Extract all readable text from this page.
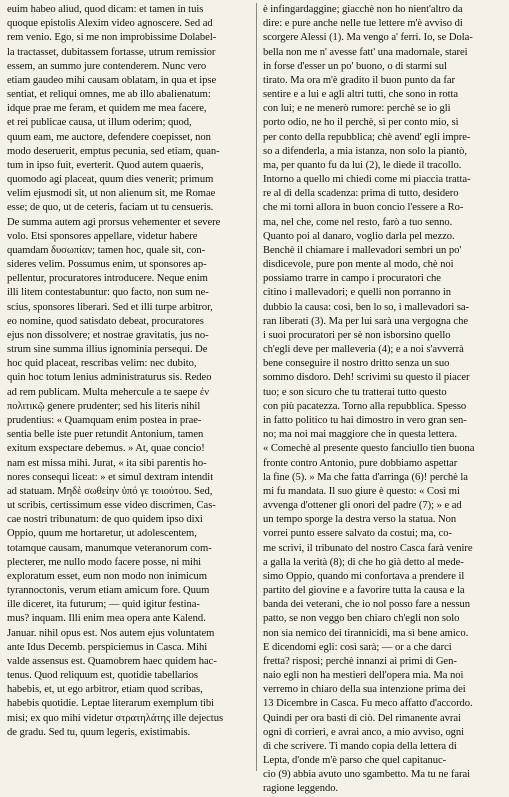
euim habeo aliud, quod dicam: et tamen in tuis
quoque epistolis Alexim video agnoscere. Sed ad
rem venio. Ego, si me non improbissime Dolabel-
la tractasset, dubitassem fortasse, utrum remissior
essem, an summo jure contenderem. Nunc vero
etiam gaudeo mihi causam oblatam, in qua et ipse
sentiat, et reliqui omnes, me ab illo abalienatum:
idque prae me feram, et quidem me mea facere,
et rei publicae causa, ut illum oderim; quod,
quum eam, me auctore, defendere coepisset, non
modo deseruerit, emptus pecunia, sed etiam, quan-
tum in ipso fuit, everterit. Quod autem quaeris,
quomodo agi placeat, quum dies venerit; primum
velim ejusmodi sit, ut non alienum sit, me Romae
esse; de quo, ut de ceteris, faciam ut tu censueris.
De summa autem agi prorsus vehementer et severe
volo. Etsi sponsores appellare, videtur habere
quamdam δυσωπίαν; tamen hoc, quale sit, con-
sideres velim. Possumus enim, ut sponsores ap-
pellentur, procuratores introducere. Neque enim
illi litem contestabuntur: quo facto, non sum ne-
scius, sponsores liberari. Sed et illi turpe arbitror,
eo nomine, quod satisdato debeat, procuratores
ejus non dissolvere; et nostrae gravitatis, jus no-
strum sine summa illius ignominia persequi. De
hoc quid placeat, rescribas velim: nec dubito,
quin hoc totum lenius administraturus sis. Redeo
ad rem publicam. Multa mehercule a te saepe ἐν
πολιτικῷ genere prudenter; sed his literis nihil
prudentius: « Quamquam enim postea in prae-
sentia belle iste puer retundit Antonium, tamen
exitum exspectare debemus. » At, quae concio!
nam est missa mihi. Jurat, « ita sibi parentis ho-
nores consequi liceat: » et simul dextram intendit
ad statuam. Μηδὲ σωθείην ὑπό γε τοιούτου. Sed,
ut scribis, certissimum esse video discrimen, Cas-
cae nostri tribunatum: de quo quidem ipso dixi
Oppio, quum me hortaretur, ut adolescentem,
totamque causam, manumque veteranorum com-
plecterer, me nullo modo facere posse, ni mihi
exploratum esset, eum non modo non inimicum
tyrannoctonis, verum etiam amicum fore. Quum
ille diceret, ita futurum; — quid igitur festina-
mus? inquam. Illi enim mea opera ante Kalend.
Januar. nihil opus est. Nos autem ejus voluntatem
ante Idus Decemb. perspiciemus in Casca. Mihi
valde assensus est. Quamobrem haec quidem hac-
tenus. Quod reliquum est, quotidie tabellarios
habebis, et, ut ego arbitror, etiam quod scribas,
habebis quotidie. Leptae literarum exemplum tibi
misi; ex quo mihi videtur στρατηλάτης ille dejectus
de gradu. Sed tu, quum legeris, existimabis.
è infingardaggine; giacchè non ho nient'altro da
dire: e pure anche nelle tue lettere m'è avviso di
scorgere Alessi (1). Ma vengo a' ferri. Io, se Dola-
bella non me n' avesse fatt' una madornale, starei
in forse d'esser un po' buono, o di starmi sul
tirato. Ma ora m'è gradito il buon punto da far
sentire e a lui e agli altri tutti, che sono in rotta
con lui; e ne menerò rumore: perchè se io gli
porto odio, ne ho il perchè, sì per conto mio, sì
per conto della repubblica; chè avend' egli impre-
so a difenderla, a mia istanza, non solo la piantò,
ma, per quanto fu da lui (2), le diede il tracollo.
Intorno a quello mi chiedi come mi piaccia tratta-
re al dì della scadenza: prima di tutto, desidero
che mi torni allora in buon concio l'essere a Ro-
ma, nel che, come nel resto, farò a tuo senno.
Quanto poi al danaro, voglio darla pel mezzo.
Benchè il chiamare i mallevadori sembri un po'
disdicevole, pure pon mente al modo, chè noi
possiamo trarre in campo i procuratori che
citino i mallevadori; e quelli non porranno in
dubbio la causa: così, ben lo so, i mallevadori sa-
ran liberati (3). Ma per lui sarà una vergogna che
i suoi procuratori per sè non isborsino quello
ch'egli deve per malleveria (4); e a noi s'avverrà
bene conseguire il nostro dritto senza un suo
sommo disdoro. Deh! scrivimi su questo il piacer
tuo; e son sicuro che tu tratterai tutto questo
con più pacatezza. Torno alla repubblica. Spesso
in fatto politico tu hai dimostro in vero gran sen-
no; ma noi mai maggiore che in questa lettera.
« Comechè al presente questo fanciullo tien buona
fronte contro Antonio, pure dobbiamo aspettar
la fine (5). » Ma che fatta d'arringa (6)! perchè la
mi fu mandata. Il suo giure è questo: « Così mi
avvenga d'ottener gli onori del padre (7); » e ad
un tempo sporge la destra verso la statua. Non
vorrei punto essere salvato da costui; ma, co-
me scrivi, il tribunato del nostro Casca farà venire
a galla la verità (8); di che ho già detto al mede-
simo Oppio, quando mi confortava a prendere il
partito del giovine e a favorire tutta la causa e la
banda dei veterani, che io nol posso fare a nessun
patto, se non veggo ben chiaro ch'egli non solo
non sia nemico dei tirannicidi, ma sì bene amico.
E dicendomi egli: così sarà; — or a che darci
fretta? risposi; perchè innanzi ai primi di Gen-
naio egli non ha mestieri dell'opera mia. Ma noi
verremo in chiaro della sua intenzione prima dei
13 Dicembre in Casca. Fu meco affatto d'accordo.
Quindi per ora basti di ciò. Del rimanente avrai
ogni dì corrieri, e avrai anco, a mio avviso, ogni
dì che scrivere. Ti mando copia della lettera di
Lepta, d'onde m'è parso che quel capitanuc-
cio (9) abbia avuto uno sgambetto. Ma tu ne farai
ragione leggendo.
